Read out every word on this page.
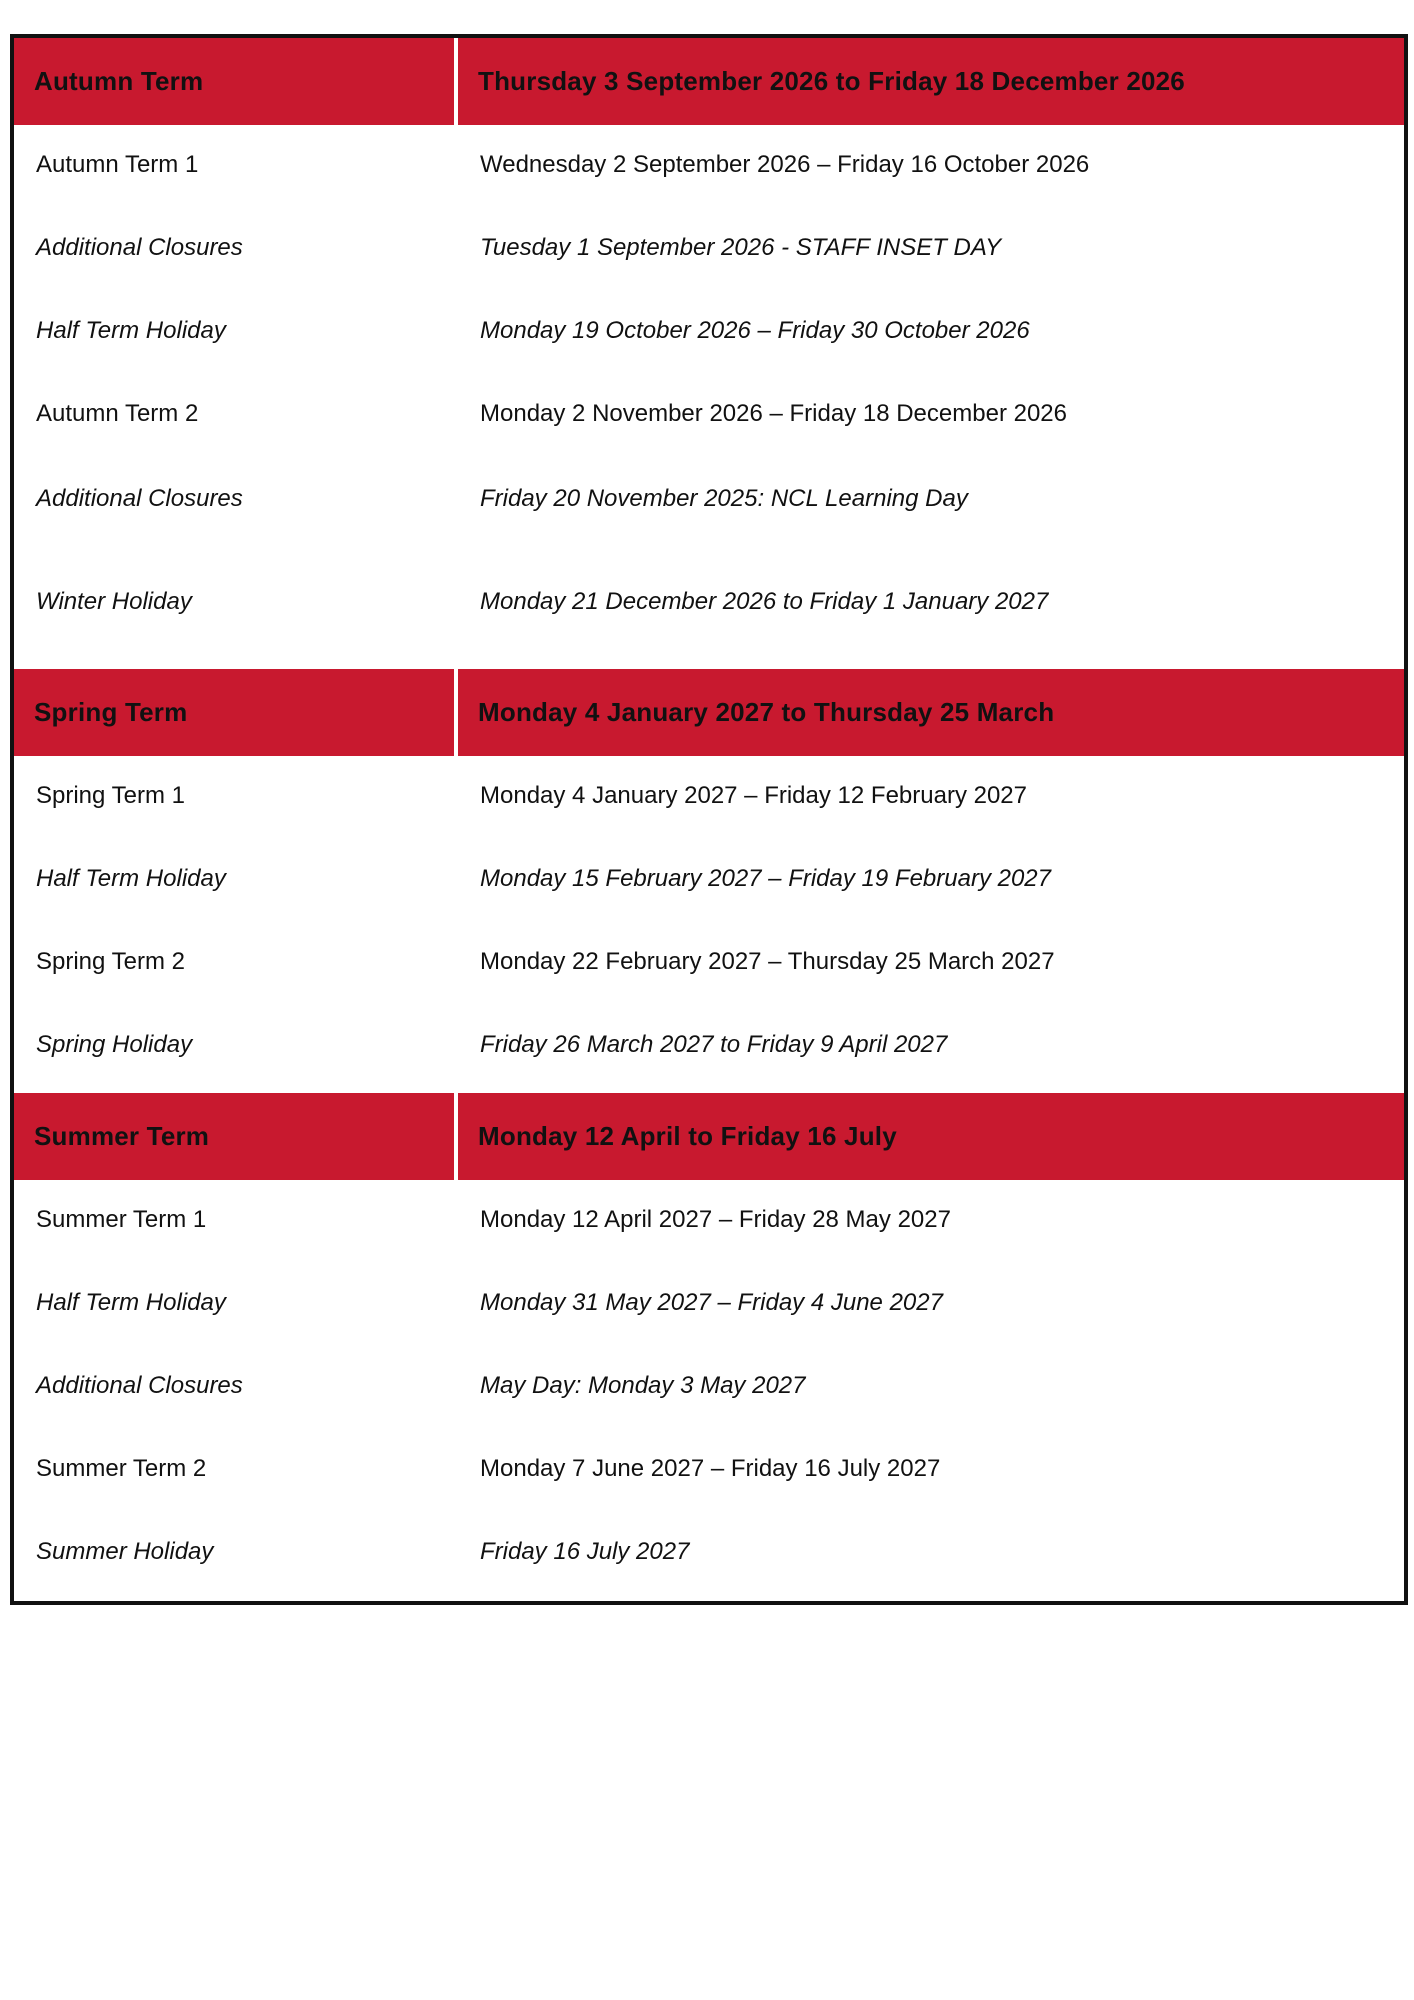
Autumn Term	Thursday 3 September 2026 to Friday 18 December 2026
Autumn Term 1	Wednesday 2 September 2026 – Friday 16 October 2026
Additional Closures	Tuesday 1 September 2026 - STAFF INSET DAY
Half Term Holiday	Monday 19 October 2026 – Friday 30 October 2026
Autumn Term 2	Monday 2 November 2026 – Friday 18 December 2026
Additional Closures	Friday 20 November 2025: NCL Learning Day
Winter Holiday	Monday 21 December 2026 to Friday 1 January 2027
Spring Term	Monday 4 January 2027 to Thursday 25 March
Spring Term 1	Monday 4 January 2027 – Friday 12 February 2027
Half Term Holiday	Monday 15 February 2027 – Friday 19 February 2027
Spring Term 2	Monday 22 February 2027 – Thursday 25 March 2027
Spring Holiday	Friday 26 March 2027 to Friday 9 April 2027
Summer Term	Monday 12 April to Friday 16 July
Summer Term 1	Monday 12 April 2027 – Friday 28 May 2027
Half Term Holiday	Monday 31 May 2027 – Friday 4 June 2027
Additional Closures	May Day: Monday 3 May 2027
Summer Term 2	Monday 7 June 2027 – Friday 16 July 2027
Summer Holiday	Friday 16 July 2027
